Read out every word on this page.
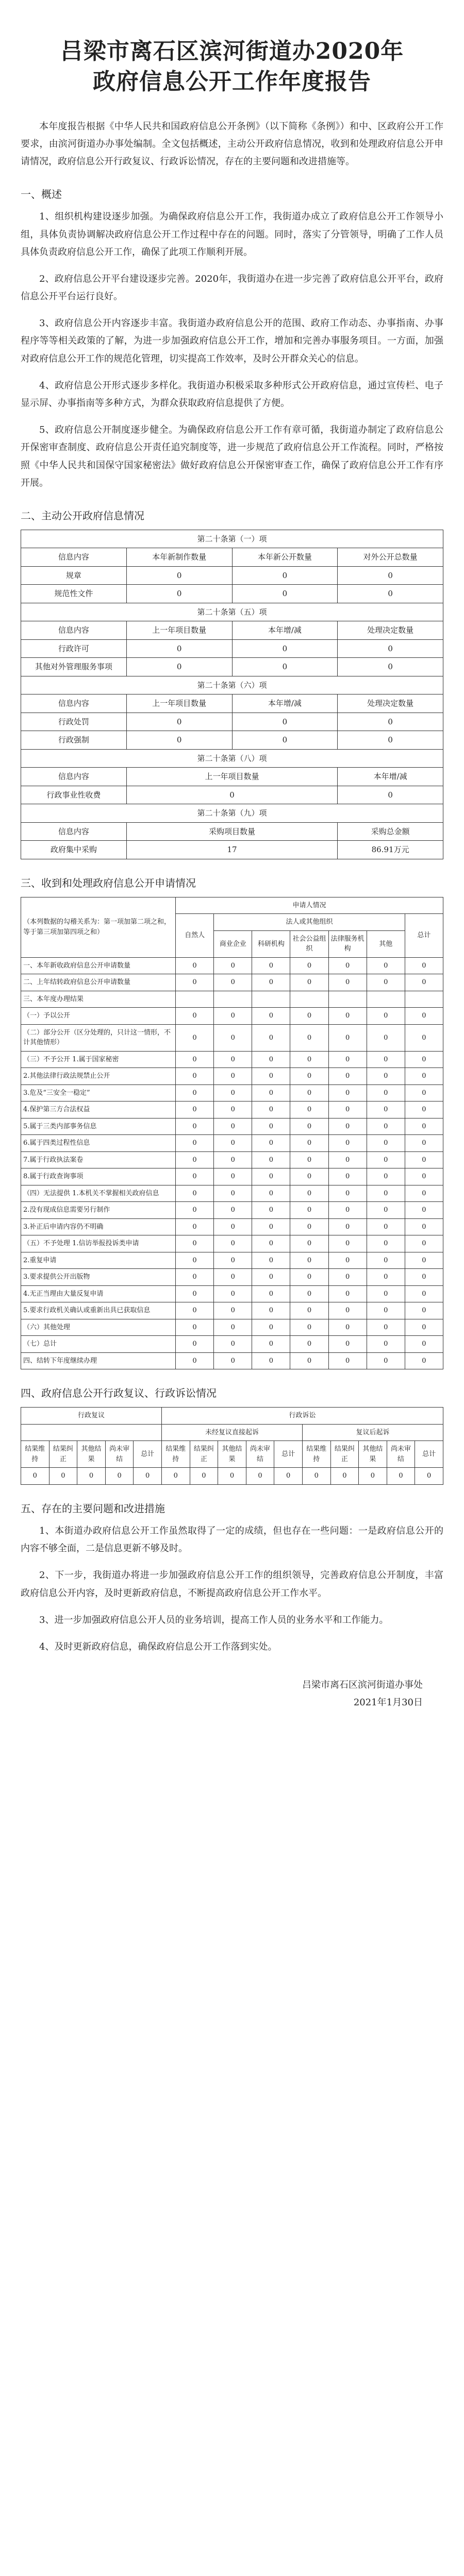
吕梁市离石区滨河街道办2020年
政府信息公开工作年度报告

本年度报告根据《中华人民共和国政府信息公开条例》（以下简称《条例》）和中、区政府公开工作要求，由滨河街道办办事处编制。全文包括概述，主动公开政府信息情况，收到和处理政府信息公开申请情况，政府信息公开行政复议、行政诉讼情况，存在的主要问题和改进措施等。

一、概述

1、组织机构建设逐步加强。为确保政府信息公开工作，我街道办成立了政府信息公开工作领导小组，具体负责协调解决政府信息公开工作过程中存在的问题。同时，落实了分管领导，明确了工作人员具体负责政府信息公开工作，确保了此项工作顺利开展。

2、政府信息公开平台建设逐步完善。2020年，我街道办在进一步完善了政府信息公开平台，政府信息公开平台运行良好。

3、政府信息公开内容逐步丰富。我街道办政府信息公开的范围、政府工作动态、办事指南、办事程序等等相关政策的了解，为进一步加强政府信息公开工作，增加和完善办事服务项目。一方面，加强对政府信息公开工作的规范化管理，切实提高工作效率，及时公开群众关心的信息。

4、政府信息公开形式逐步多样化。我街道办积极采取多种形式公开政府信息，通过宣传栏、电子显示屏、办事指南等多种方式，为群众获取政府信息提供了方便。

5、政府信息公开制度逐步健全。为确保政府信息公开工作有章可循，我街道办制定了政府信息公开保密审查制度、政府信息公开责任追究制度等，进一步规范了政府信息公开工作流程。同时，严格按照《中华人民共和国保守国家秘密法》做好政府信息公开保密审查工作，确保了政府信息公开工作有序开展。

二、主动公开政府信息情况
第二十条第（一）项			
信息内容	本年新制作数量	本年新公开数量	对外公开总数量
规章	0	0	0
规范性文件	0	0	0
第二十条第（五）项			
信息内容	上一年项目数量	本年增/减	处理决定数量
行政许可	0	0	0
其他对外管理服务事项	0	0	0
第二十条第（六）项			
信息内容	上一年项目数量	本年增/减	处理决定数量
行政处罚	0	0	0
行政强制	0	0	0
第二十条第（八）项			
信息内容	上一年项目数量		本年增/减
行政事业性收费	0		0
第二十条第（九）项			
信息内容	采购项目数量		采购总金额
政府集中采购	17		86.91万元
三、收到和处理政府信息公开申请情况
（本列数据的勾稽关系为：第一项加第二项之和，等于第三项加第四项之和）	申请人情况						
	自然人	法人或其他组织					总计
		商业企业	科研机构	社会公益组织	法律服务机构	其他	
一、本年新收政府信息公开申请数量	0	0	0	0	0	0	0
二、上年结转政府信息公开申请数量	0	0	0	0	0	0	0
三、本年度办理结果							
（一）予以公开	0	0	0	0	0	0	0
（二）部分公开（区分处理的，只计这一情形，不计其他情形）	0	0	0	0	0	0	0
（三）不予公开 1.属于国家秘密	0	0	0	0	0	0	0
2.其他法律行政法规禁止公开	0	0	0	0	0	0	0
3.危及“三安全一稳定”	0	0	0	0	0	0	0
4.保护第三方合法权益	0	0	0	0	0	0	0
5.属于三类内部事务信息	0	0	0	0	0	0	0
6.属于四类过程性信息	0	0	0	0	0	0	0
7.属于行政执法案卷	0	0	0	0	0	0	0
8.属于行政查询事项	0	0	0	0	0	0	0
（四）无法提供 1.本机关不掌握相关政府信息	0	0	0	0	0	0	0
2.没有现成信息需要另行制作	0	0	0	0	0	0	0
3.补正后申请内容仍不明确	0	0	0	0	0	0	0
（五）不予处理 1.信访举报投诉类申请	0	0	0	0	0	0	0
2.重复申请	0	0	0	0	0	0	0
3.要求提供公开出版物	0	0	0	0	0	0	0
4.无正当理由大量反复申请	0	0	0	0	0	0	0
5.要求行政机关确认或重新出具已获取信息	0	0	0	0	0	0	0
（六）其他处理	0	0	0	0	0	0	0
（七）总计	0	0	0	0	0	0	0
四、结转下年度继续办理	0	0	0	0	0	0	0
四、政府信息公开行政复议、行政诉讼情况
行政复议					行政诉讼									
					未经复议直接起诉					复议后起诉				
结果维持	结果纠正	其他结果	尚未审结	总计	结果维持	结果纠正	其他结果	尚未审结	总计	结果维持	结果纠正	其他结果	尚未审结	总计
0	0	0	0	0	0	0	0	0	0	0	0	0	0	0
五、存在的主要问题和改进措施

1、本街道办政府信息公开工作虽然取得了一定的成绩，但也存在一些问题：一是政府信息公开的内容不够全面，二是信息更新不够及时。

2、下一步，我街道办将进一步加强政府信息公开工作的组织领导，完善政府信息公开制度，丰富政府信息公开内容，及时更新政府信息，不断提高政府信息公开工作水平。

3、进一步加强政府信息公开人员的业务培训，提高工作人员的业务水平和工作能力。

4、及时更新政府信息，确保政府信息公开工作落到实处。

吕梁市离石区滨河街道办事处
2021年1月30日
